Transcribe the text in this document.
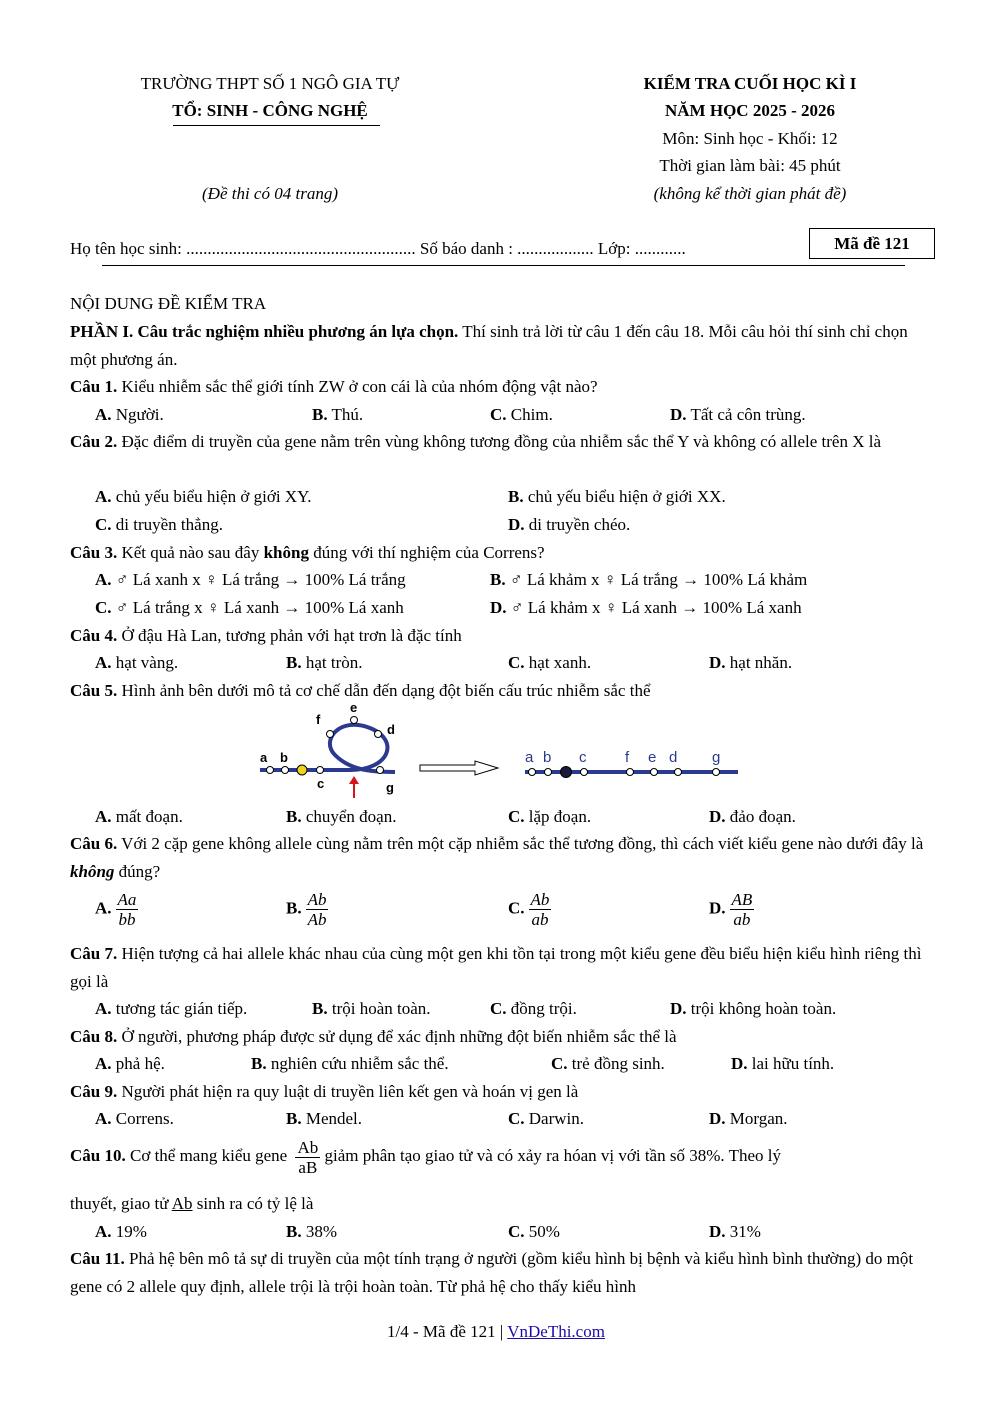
TRƯỜNG THPT SỐ 1 NGÔ GIA TỰ
TỔ: SINH - CÔNG NGHỆ
(Đề thi có 04 trang)
KIỂM TRA CUỐI HỌC KÌ I
NĂM HỌC 2025 - 2026
Môn: Sinh học - Khối: 12
Thời gian làm bài: 45 phút
(không kể thời gian phát đề)
Họ tên học sinh: ...................................................... Số báo danh : .................. Lớp: ............	Mã đề 121
NỘI DUNG ĐỀ KIỂM TRA
PHẦN I. Câu trắc nghiệm nhiều phương án lựa chọn. Thí sinh trả lời từ câu 1 đến câu 18. Mỗi câu hỏi thí sinh chỉ chọn một phương án.
Câu 1. Kiểu nhiễm sắc thể giới tính ZW ở con cái là của nhóm động vật nào?
A. Người.	B. Thú.	C. Chim.	D. Tất cả côn trùng.
Câu 2. Đặc điểm di truyền của gene nằm trên vùng không tương đồng của nhiễm sắc thể Y và không có allele trên X là
A. chủ yếu biểu hiện ở giới XY.	B. chủ yếu biểu hiện ở giới XX.
C. di truyền thẳng.	D. di truyền chéo.
Câu 3. Kết quả nào sau đây không đúng với thí nghiệm của Correns?
A. ♂ Lá xanh x ♀ Lá trắng → 100% Lá trắng	B. ♂ Lá khảm x ♀ Lá trắng → 100% Lá khảm
C. ♂ Lá trắng x ♀ Lá xanh → 100% Lá xanh	D. ♂ Lá khảm x ♀ Lá xanh → 100% Lá xanh
Câu 4. Ở đậu Hà Lan, tương phản với hạt trơn là đặc tính
A. hạt vàng.	B. hạt tròn.	C. hạt xanh.	D. hạt nhăn.
Câu 5. Hình ảnh bên dưới mô tả cơ chế dẫn đến dạng đột biến cấu trúc nhiễm sắc thể
a b
c
f
e
d
g
a b c	f e d g
A. mất đoạn.	B. chuyển đoạn.	C. lặp đoạn.	D. đảo đoạn.
Câu 6. Với 2 cặp gene không allele cùng nằm trên một cặp nhiễm sắc thể tương đồng, thì cách viết kiểu gene nào dưới đây là không đúng?
A. $\frac{Aa}{bb}$	B. $\frac{Ab}{Ab}$	C. $\frac{Ab}{ab}$	D. $\frac{AB}{ab}$
Câu 7. Hiện tượng cả hai allele khác nhau của cùng một gen khi tồn tại trong một kiểu gene đều biểu hiện kiểu hình riêng thì gọi là
A. tương tác gián tiếp.	B. trội hoàn toàn.	C. đồng trội.	D. trội không hoàn toàn.
Câu 8. Ở người, phương pháp được sử dụng để xác định những đột biến nhiễm sắc thể là
A. phả hệ.	B. nghiên cứu nhiễm sắc thể.	C. trẻ đồng sinh.	D. lai hữu tính.
Câu 9. Người phát hiện ra quy luật di truyền liên kết gen và hoán vị gen là
A. Correns.	B. Mendel.	C. Darwin.	D. Morgan.
Câu 10. Cơ thể mang kiểu gene $\frac{Ab}{aB}$ giảm phân tạo giao tử và có xảy ra hóan vị với tần số 38%. Theo lý
thuyết, giao tử Ab sinh ra có tỷ lệ là
A. 19%	B. 38%	C. 50%	D. 31%
Câu 11. Phả hệ bên mô tả sự di truyền của một tính trạng ở người (gồm kiểu hình bị bệnh và kiểu hình bình thường) do một gene có 2 allele quy định, allele trội là trội hoàn toàn. Từ phả hệ cho thấy kiểu hình
1/4 - Mã đề 121 | VnDeThi.com
